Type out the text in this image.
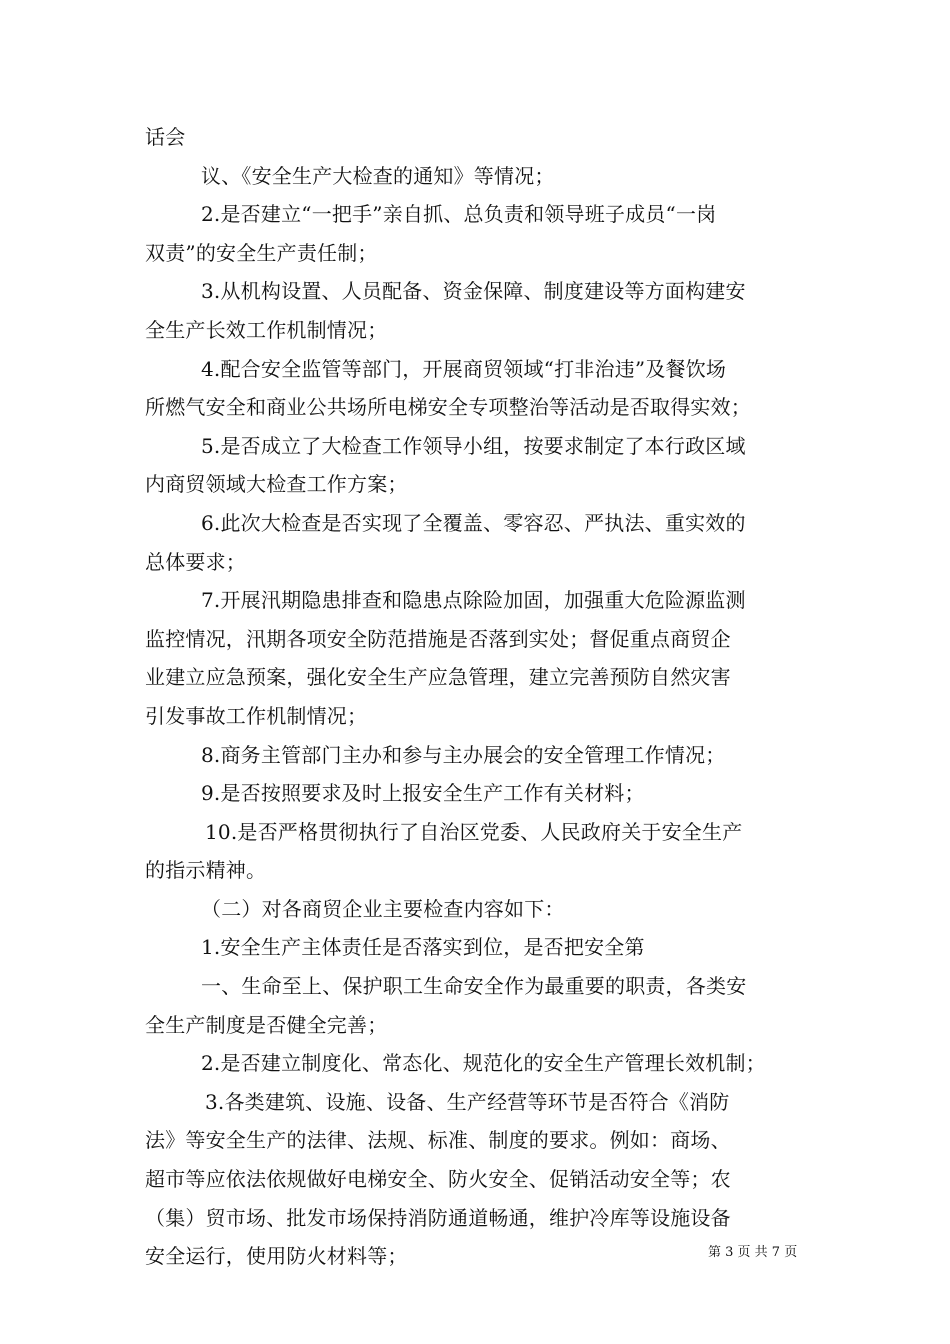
话会
议、《安全生产大检查的通知》等情况；
2.是否建立“一把手”亲自抓、总负责和领导班子成员“一岗
双责”的安全生产责任制；
3.从机构设置、人员配备、资金保障、制度建设等方面构建安
全生产长效工作机制情况；
4.配合安全监管等部门，开展商贸领域“打非治违”及餐饮场
所燃气安全和商业公共场所电梯安全专项整治等活动是否取得实效；
5.是否成立了大检查工作领导小组，按要求制定了本行政区域
内商贸领域大检查工作方案；
6.此次大检查是否实现了全覆盖、零容忍、严执法、重实效的
总体要求；
7.开展汛期隐患排查和隐患点除险加固，加强重大危险源监测
监控情况，汛期各项安全防范措施是否落到实处；督促重点商贸企
业建立应急预案，强化安全生产应急管理，建立完善预防自然灾害
引发事故工作机制情况；
8.商务主管部门主办和参与主办展会的安全管理工作情况；
9.是否按照要求及时上报安全生产工作有关材料；
10.是否严格贯彻执行了自治区党委、人民政府关于安全生产
的指示精神。
（二）对各商贸企业主要检查内容如下：
1.安全生产主体责任是否落实到位，是否把安全第
一、生命至上、保护职工生命安全作为最重要的职责，各类安
全生产制度是否健全完善；
2.是否建立制度化、常态化、规范化的安全生产管理长效机制；
3.各类建筑、设施、设备、生产经营等环节是否符合《消防
法》等安全生产的法律、法规、标准、制度的要求。例如：商场、
超市等应依法依规做好电梯安全、防火安全、促销活动安全等；农
（集）贸市场、批发市场保持消防通道畅通，维护冷库等设施设备
安全运行，使用防火材料等；	第 3 页 共 7 页
